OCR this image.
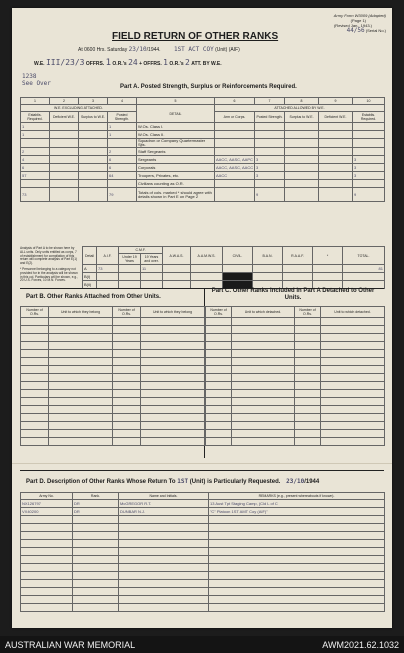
Army Form W3009 (Adapted)
(Page 1)
(Revised Jan., 1943.)
44/56 (Serial No.)
FIELD RETURN OF OTHER RANKS
At 0600 Hrs. Saturday 23/10/1944. 1ST ACT COY (Unit) (AIF)
W.E. III/23/3 OFFRS. 1 O.R.'s 24 + OFFRS. 1 O.R.'s 2 ATT. BY W.E.
1238
See Over	Part A. Posted Strength, Surplus or Reinforcements Required.
1	2	3	4	5	6	7	8	9	10
W.E. EXCLUDING ATTACHED.				DETAIL	ATTACHED ALLOWED BY W.E.				
Establis. Required.	Deficient W.E.	Surplus to W.E.	Posted Strength.		Arm or Corps.	Posted Strength.	Surplus to W.E.	Deficient W.E.	Establis. Required.
1			1	W.Os. Class I.					
1			1	W.Os. Class II.					
				Squadron or Company Quartermaster Sjts.					
2			2	Staff Sergeants					
4			6	Sergeants	AACC, AASC, AAPC	3			3
6			6	Corporals	AACC, AASC, AACC	3			3
57			64	Troopers, Privates, etc.	AACC	3			3
				Civilians counting as O.R.					
73			79	Totals of cols. marked * should agree with details shown in Part E on Page 2		9			9
Analysis of Part A to be shown here by ALL units. Only units entitled as corps, 7 of establishment for compilation of this return will complete analysis of Part E(1) and E(2).
* Personnel belonging to a category not provided for in the analysis will be shown in this col. Particulars will be shown, e.g., 20 U.S. Forces, 10 M.N. Forces.
Detail	A.I.F.	C.M.F.		A.W.A.S.	A.A.M.W.S.	CIVIL.	B.A.N.	R.A.A.F.	*	TOTAL.
		Under 19 Years	19 Years and over.							
A	73		11							81
B(i)										
B(ii)										
Part B. Other Ranks Attached from Other Units.
Part C. Other Ranks Included in Part A Detached to Other Units.
Number of O.Rs.	Unit to which they belong	Number of O.Rs.	Unit to which they belong

				Number of O.Rs.	Unit to which detached.	Number of O.Rs.	Unit to which detached.

Part D. Description of Other Ranks Whose Return To 1ST (Unit) is Particularly Requested. 23/10/1944
Army No.	Rank.	Name and Initials.	REMARKS (e.g., present whereabouts if known).
NX126797	DR	McGREGOR R.T.	13 Aust Tpt Staging Camp, (Cld L of C
VX40200	DR	DUNBAR N.J.	"C" Platoon 1ST AMT Coy (AIF)"

AUSTRALIAN WAR MEMORIAL	AWM2021.62.1032
